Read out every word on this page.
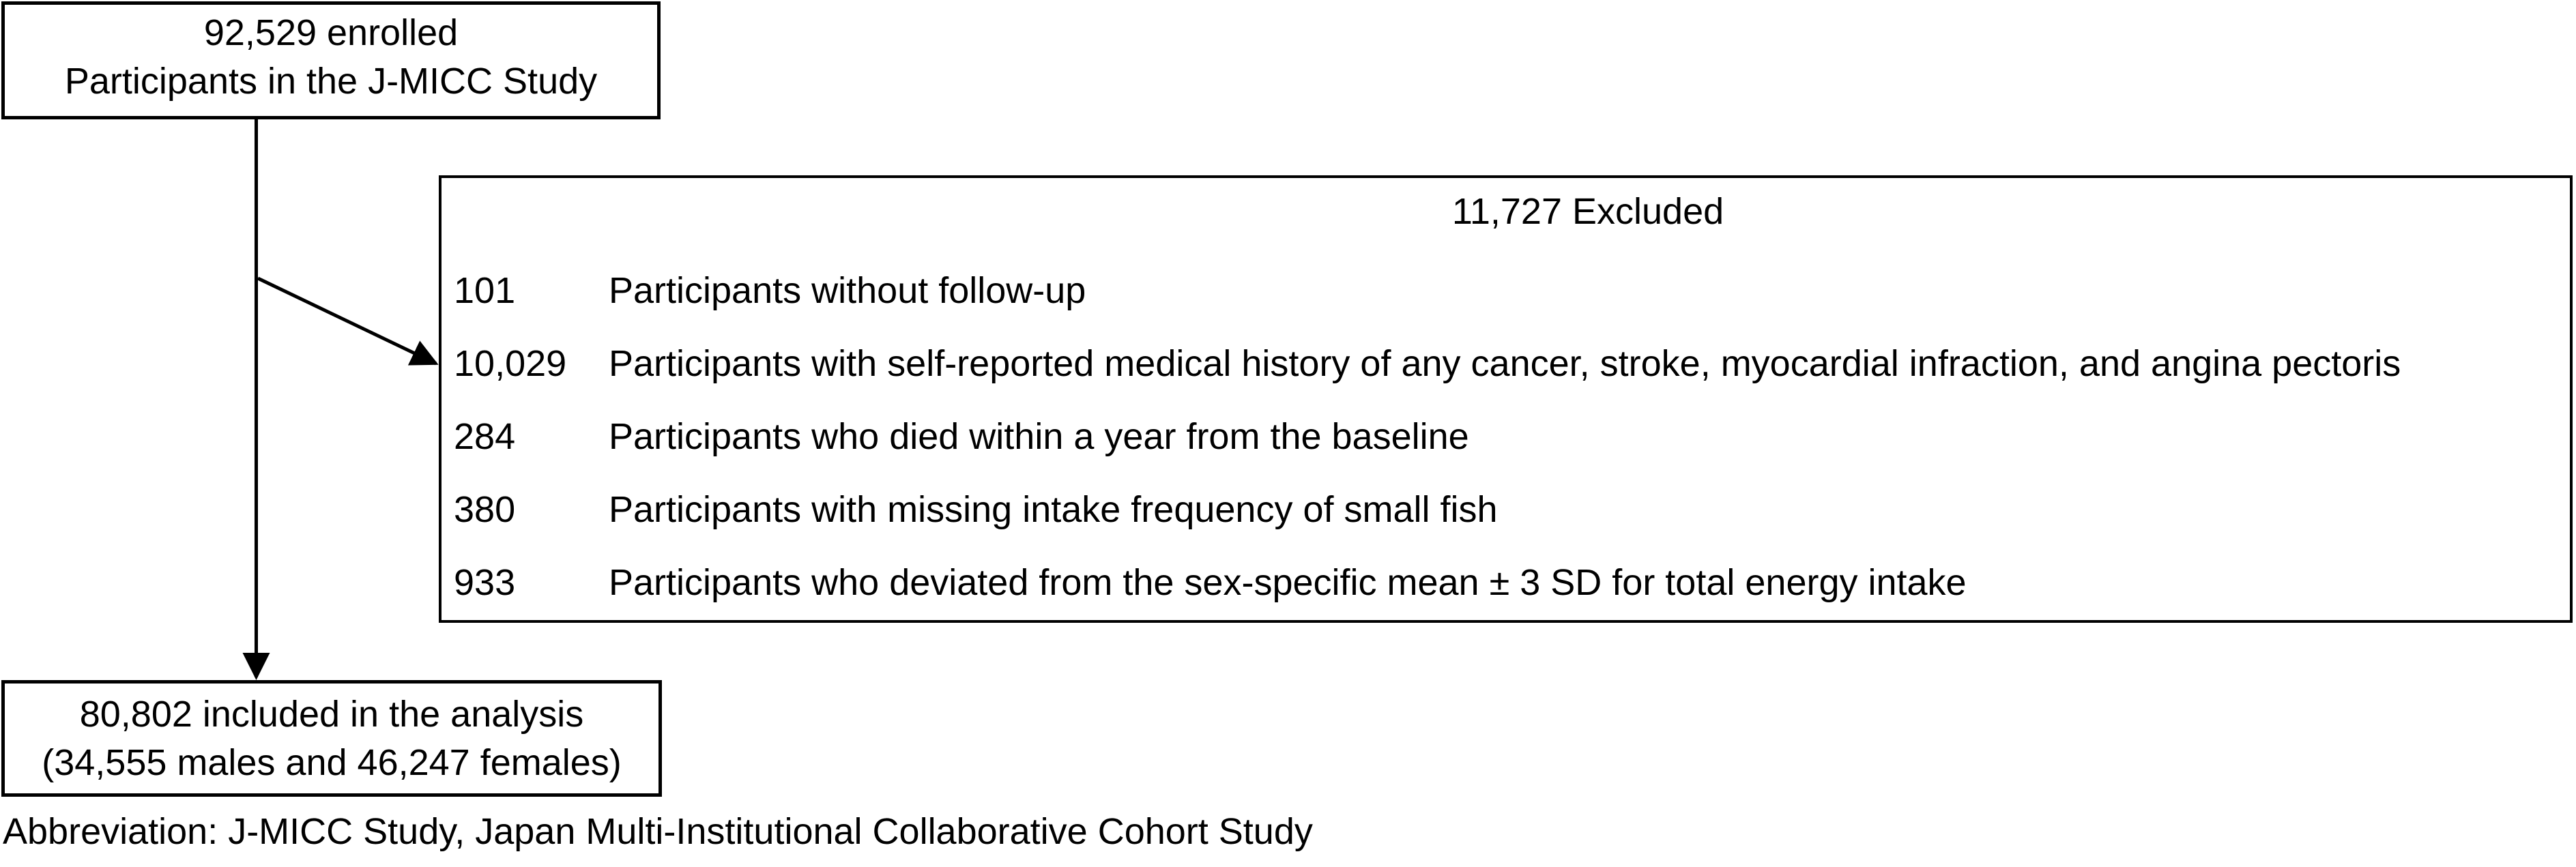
92,529 enrolled
Participants in the J-MICC Study
11,727 Excluded
101	Participants without follow-up
10,029	Participants with self-reported medical history of any cancer, stroke, myocardial infraction, and angina pectoris
284	Participants who died within a year from the baseline
380	Participants with missing intake frequency of small fish
933	Participants who deviated from the sex-specific mean ± 3 SD for total energy intake
80,802 included in the analysis
(34,555 males and 46,247 females)
Abbreviation: J-MICC Study, Japan Multi-Institutional Collaborative Cohort Study
